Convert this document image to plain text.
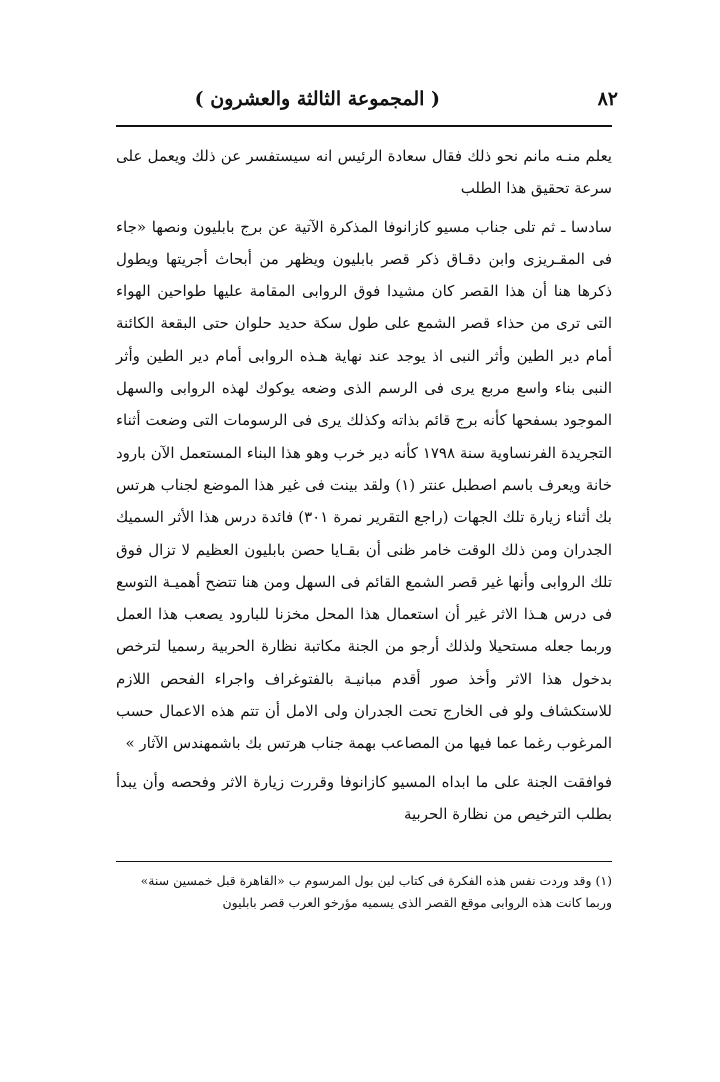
٨٢
( المجموعة الثالثة والعشرون )

يعلم منـه مانم نحو ذلك فقال سعادة الرئيس انه سيستفسر عن ذلك ويعمل على سرعة تحقيق هذا الطلب

سادسا ـ ثم تلى جناب مسيو كازانوفا المذكرة الآتية عن برج بابليون ونصها «جاء فى المقـريزى وابن دقـاق ذكر قصر بابليون ويظهر من أبحاث أجريتها ويطول ذكرها هنا أن هذا القصر كان مشيدا فوق الروابى المقامة عليها طواحين الهواء التى ترى من حذاء قصر الشمع على طول سكة حديد حلوان حتى البقعة الكائنة أمام دير الطين وأثر النبى اذ يوجد عند نهاية هـذه الروابى أمام دير الطين وأثر النبى بناء واسع مربع يرى فى الرسم الذى وضعه يوكوك لهذه الروابى والسهل الموجود بسفحها كأنه برج قائم بذاته وكذلك يرى فى الرسومات التى وضعت أثناء التجريدة الفرنساوية سنة ١٧٩٨ كأنه دير خرب وهو هذا البناء المستعمل الآن بارود خانة ويعرف باسم اصطبل عنتر (١) ولقد بينت فى غير هذا الموضع لجناب هرتس بك أثناء زيارة تلك الجهات (راجع التقرير نمرة ٣٠١) فائدة درس هذا الأثر السميك الجدران ومن ذلك الوقت خامر ظنى أن بقـايا حصن بابليون العظيم لا تزال فوق تلك الروابى وأنها غير قصر الشمع القائم فى السهل ومن هنا تتضح أهميـة التوسع فى درس هـذا الاثر غير أن استعمال هذا المحل مخزنا للبارود يصعب هذا العمل وربما جعله مستحيلا ولذلك أرجو من الجنة مكاتبة نظارة الحربية رسميا لترخص بدخول هذا الاثر وأخذ صور أقدم مبانيـة بالفتوغراف واجراء الفحص اللازم للاستكشاف ولو فى الخارج تحت الجدران ولى الامل أن تتم هذه الاعمال حسب المرغوب رغما عما فيها من المصاعب بهمة جناب هرتس بك باشمهندس الآثار »

فوافقت الجنة على ما ابداه المسيو كازانوفا وقررت زيارة الاثر وفحصه وأن يبدأ بطلب الترخيص من نظارة الحربية

(١) وقد وردت نفس هذه الفكرة فى كتاب لين بول المرسوم ب «القاهرة قبل خمسين سنة» وربما كانت هذه الروابى موقع القصر الذى يسميه مؤرخو العرب قصر بابليون
